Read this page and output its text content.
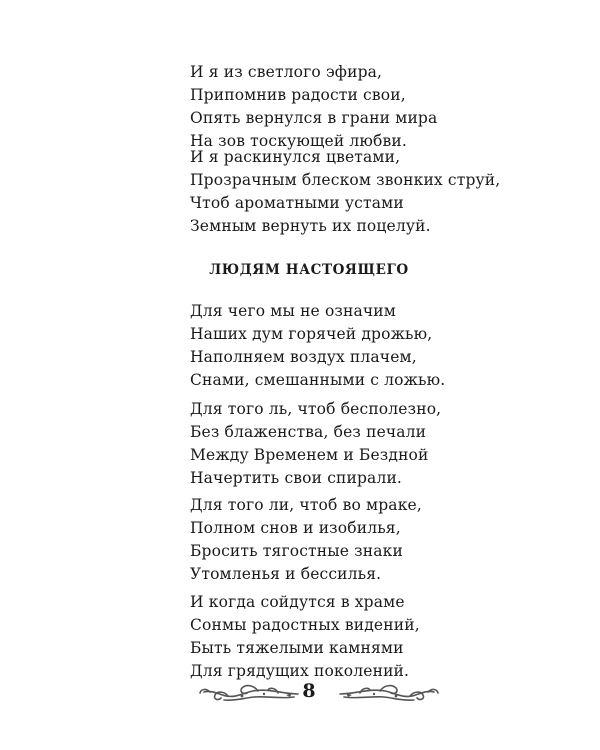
И я из светлого эфира,
Припомнив радости свои,
Опять вернулся в грани мира
На зов тоскующей любви.
И я раскинулся цветами,
Прозрачным блеском звонких струй,
Чтоб ароматными устами
Земным вернуть их поцелуй.
ЛЮДЯМ НАСТОЯЩЕГО
Для чего мы не означим
Наших дум горячей дрожью,
Наполняем воздух плачем,
Снами, смешанными с ложью.
Для того ль, чтоб бесполезно,
Без блаженства, без печали
Между Временем и Бездной
Начертить свои спирали.
Для того ли, чтоб во мраке,
Полном снов и изобилья,
Бросить тягостные знаки
Утомленья и бессилья.
И когда сойдутся в храме
Сонмы радостных видений,
Быть тяжелыми камнями
Для грядущих поколений.
8
